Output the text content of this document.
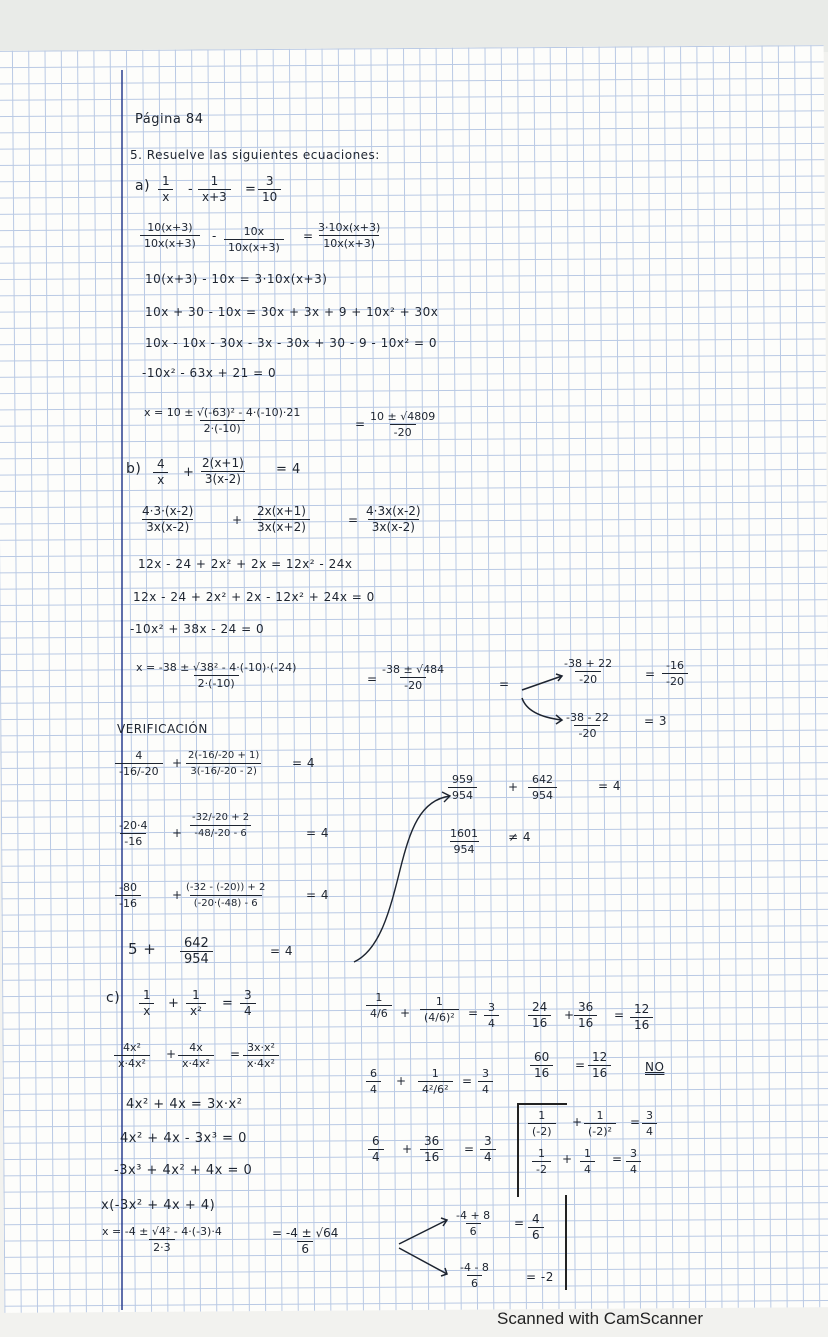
Página 84
5. Resuelve las siguientes ecuaciones:
$a) \frac{1}{x} - \frac{1}{x+3} = \frac{3}{10}$
$\frac{10(x+3)}{10x(x+3)} - \frac{10x}{10x(x+3)} = \frac{3\cdot 10x(x+3)}{10x(x+3)}$
10(x+3) - 10x = 3·10x(x+3)
10x + 30 - 10x = 30x + 3x + 9 + 10x² + 30x
10x - 10x - 30x - 3x - 30x + 30 - 9 - 10x² = 0
-10x² - 63x + 21 = 0
$\frac{\text{x = 10 ± √(-63)² - 4·(-10)·21}}{2\cdot(-10)}$	= $\frac{10 \pm √4809}{-20}$
$b) \frac{4}{x} + \frac{2(x+1)}{3(x-2)} = 4$
$\frac{4\cdot 3\cdot(x-2)}{3x(x-2)}$	+ $\frac{2x(x+1)}{3x(x+2)}$	= $\frac{4\cdot 3x(x-2)}{3x(x-2)}$
12x - 24 + 2x² + 2x = 12x² - 24x
12x - 24 + 2x² + 2x - 12x² + 24x = 0
-10x² + 38x - 24 = 0
$\frac{\text{x = -38 ± √38² - 4·(-10)·(-24)}}{2\cdot(-10)}$	= $\frac{-38 \pm √484}{-20}$	=	$\frac{-38 + 22}{-20} = \frac{-16}{-20}$
$\frac{-38 - 22}{-20}$	= 3
VERIFICACIÓN
$\frac{4}{-16/-20} + \frac{2(-16/-20 + 1)}{3(-16/-20 - 2)} = 4$
$\frac{-20\cdot 4}{-16} + \frac{-32/-20 + 2}{-48/-20 - 6}$	= 4
$\frac{-80}{-16}$	+ $\frac{(-32 - (-20)) + 2}{(-20\cdot(-48) - 6}$	= 4
$5 + \frac{642}{954}$	= 4
$\frac{959}{954}$	+ $\frac{642}{954}$	= 4
$\frac{1601}{954} \ne 4$
$c) \frac{1}{x} + \frac{1}{\text{x²}} = \frac{3}{4}$
$\frac{\text{4x²}}{\text{x·4x²}} + \frac{4x}{\text{x·4x²}} = \frac{\text{3x·x²}}{\text{x·4x²}}$
4x² + 4x = 3x·x²
4x² + 4x - 3x³ = 0
-3x³ + 4x² + 4x = 0
x(-3x² + 4x + 4)
$\frac{\text{x = -4 ± √4² - 4·(-3)·4}}{2\cdot 3}$	$\frac{= -4 \pm √64}{6}$
$\frac{-4 + 8}{6} = \frac{4}{6}$
$\frac{-4 - 8}{6}$	= -2
$\frac{1}{4/6} + \frac{1}{\text{(4/6)²}} = \frac{3}{4}$
$\frac{6}{4} + \frac{1}{\text{4²/6²}} = \frac{3}{4}$
$\frac{6}{4} + \frac{36}{16} = \frac{3}{4}$
$\frac{24}{16} + \frac{36}{16} = \frac{12}{16}$
$\frac{60}{16} = \frac{12}{16}$	NO
$\frac{1}{(-2)} + \frac{1}{\text{(-2)²}} = \frac{3}{4}$
$\frac{1}{-2} + \frac{1}{4} = \frac{3}{4}$
Scanned with CamScanner
